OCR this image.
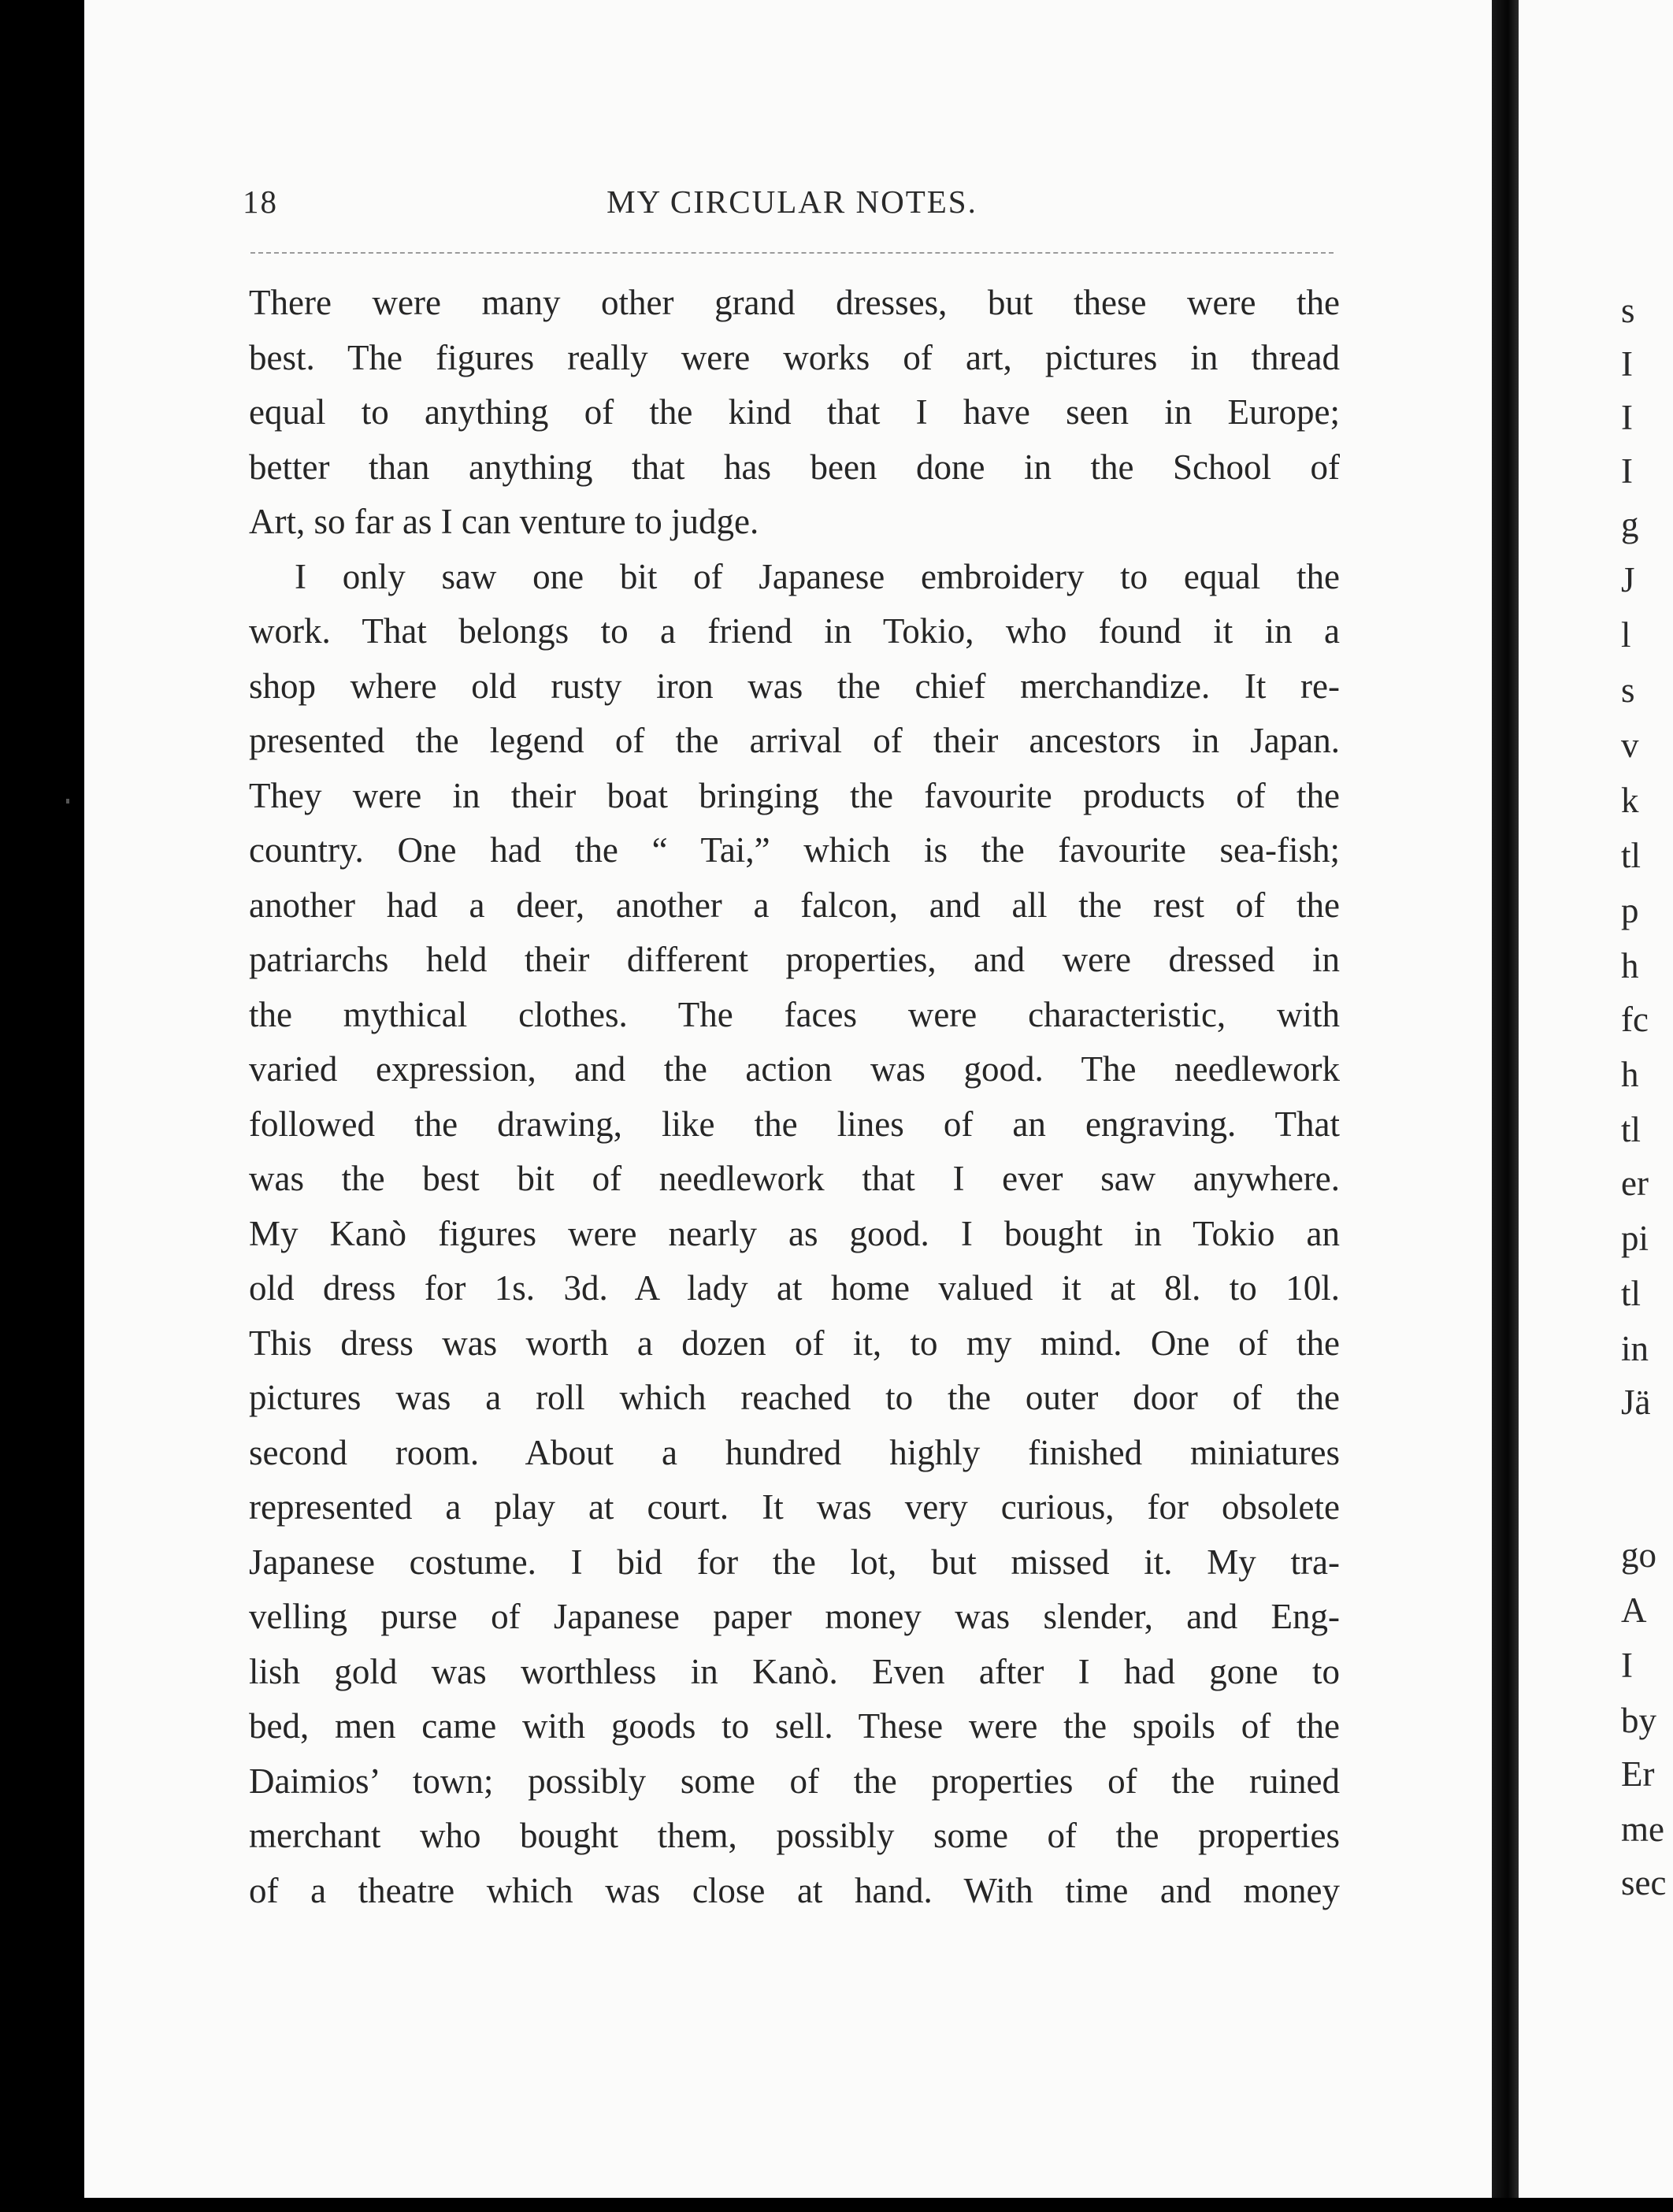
18	MY CIRCULAR NOTES.
There were many other grand dresses, but these were the
best. The figures really were works of art, pictures in thread
equal to anything of the kind that I have seen in Europe;
better than anything that has been done in the School of
Art, so far as I can venture to judge.
I only saw one bit of Japanese embroidery to equal the
work. That belongs to a friend in Tokio, who found it in a
shop where old rusty iron was the chief merchandize. It re-
presented the legend of the arrival of their ancestors in Japan.
They were in their boat bringing the favourite products of the
country. One had the “ Tai,” which is the favourite sea-fish;
another had a deer, another a falcon, and all the rest of the
patriarchs held their different properties, and were dressed in
the mythical clothes. The faces were characteristic, with
varied expression, and the action was good. The needlework
followed the drawing, like the lines of an engraving. That
was the best bit of needlework that I ever saw anywhere.
My Kanò figures were nearly as good. I bought in Tokio an
old dress for 1s. 3d. A lady at home valued it at 8l. to 10l.
This dress was worth a dozen of it, to my mind. One of the
pictures was a roll which reached to the outer door of the
second room. About a hundred highly finished miniatures
represented a play at court. It was very curious, for obsolete
Japanese costume. I bid for the lot, but missed it. My tra-
velling purse of Japanese paper money was slender, and Eng-
lish gold was worthless in Kanò. Even after I had gone to
bed, men came with goods to sell. These were the spoils of the
Daimios’ town; possibly some of the properties of the ruined
merchant who bought them, possibly some of the properties
of a theatre which was close at hand. With time and money
s
I
I
I
g
J
l
s
v
k
tl
p
h
fc
h
tl
er
pi
tl
in
Jä
go
A
I
by
Er
me
sec
